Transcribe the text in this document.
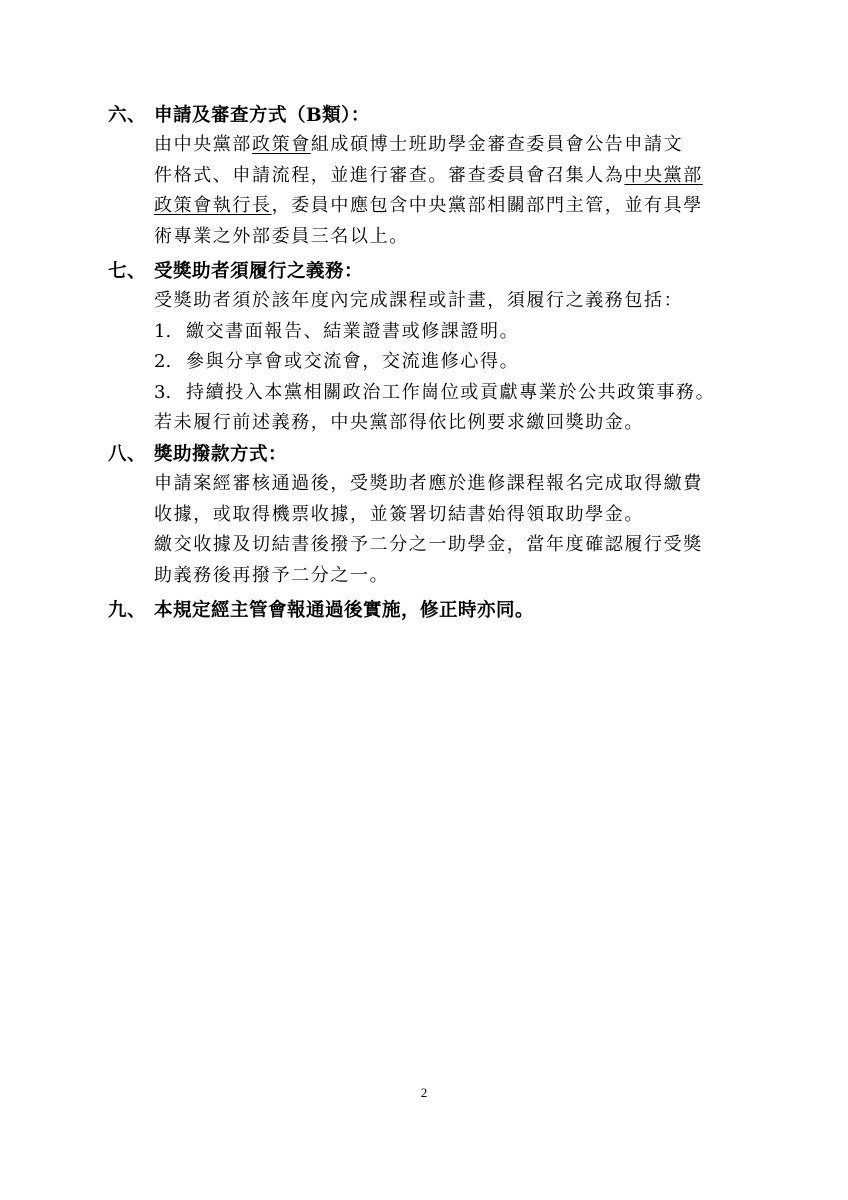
六、 申請及審查方式（B類）：
由中央黨部政策會組成碩博士班助學金審查委員會公告申請文
件格式、申請流程，並進行審查。審查委員會召集人為中央黨部
政策會執行長，委員中應包含中央黨部相關部門主管，並有具學
術專業之外部委員三名以上。
七、 受獎助者須履行之義務：
受獎助者須於該年度內完成課程或計畫，須履行之義務包括：
1. 繳交書面報告、結業證書或修課證明。
2. 參與分享會或交流會，交流進修心得。
3. 持續投入本黨相關政治工作崗位或貢獻專業於公共政策事務。
若未履行前述義務，中央黨部得依比例要求繳回獎助金。
八、 獎助撥款方式：
申請案經審核通過後，受獎助者應於進修課程報名完成取得繳費
收據，或取得機票收據，並簽署切結書始得領取助學金。
繳交收據及切結書後撥予二分之一助學金，當年度確認履行受獎
助義務後再撥予二分之一。
九、 本規定經主管會報通過後實施，修正時亦同。
2
